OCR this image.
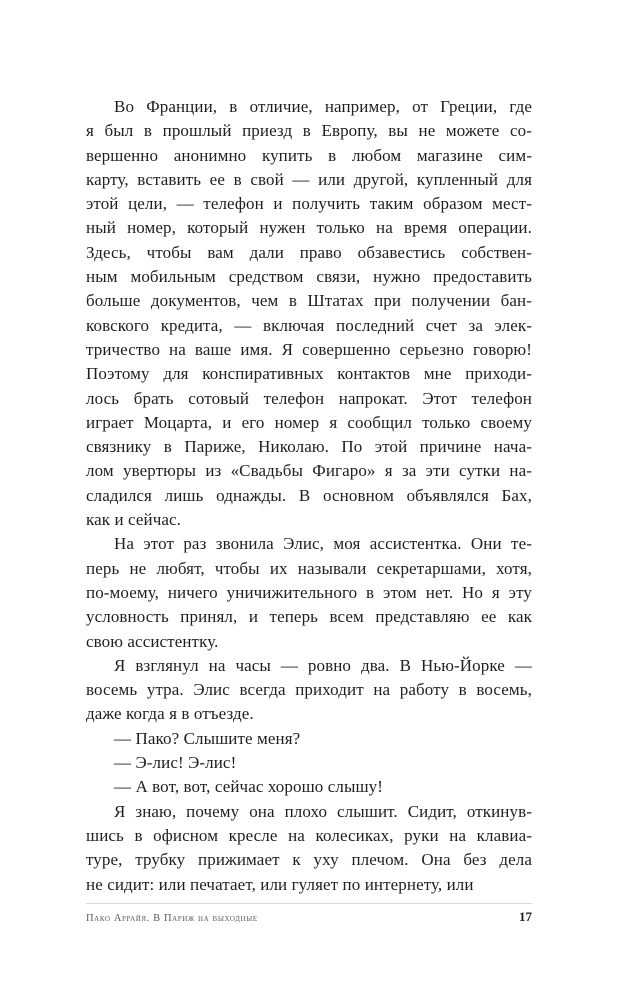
Во Франции, в отличие, например, от Греции, где
я был в прошлый приезд в Европу, вы не можете со-
вершенно анонимно купить в любом магазине сим-
карту, вставить ее в свой — или другой, купленный для
этой цели, — телефон и получить таким образом мест-
ный номер, который нужен только на время операции.
Здесь, чтобы вам дали право обзавестись собствен-
ным мобильным средством связи, нужно предоставить
больше документов, чем в Штатах при получении бан-
ковского кредита, — включая последний счет за элек-
тричество на ваше имя. Я совершенно серьезно говорю!
Поэтому для конспиративных контактов мне приходи-
лось брать сотовый телефон напрокат. Этот телефон
играет Моцарта, и его номер я сообщил только своему
связнику в Париже, Николаю. По этой причине нача-
лом увертюры из «Свадьбы Фигаро» я за эти сутки на-
сладился лишь однажды. В основном объявлялся Бах,
как и сейчас.
На этот раз звонила Элис, моя ассистентка. Они те-
перь не любят, чтобы их называли секретаршами, хотя,
по-моему, ничего уничижительного в этом нет. Но я эту
условность принял, и теперь всем представляю ее как
свою ассистентку.
Я взглянул на часы — ровно два. В Нью-Йорке —
восемь утра. Элис всегда приходит на работу в восемь,
даже когда я в отъезде.
— Пако? Слышите меня?
— Э-лис! Э-лис!
— А вот, вот, сейчас хорошо слышу!
Я знаю, почему она плохо слышит. Сидит, откинув-
шись в офисном кресле на колесиках, руки на клавиа-
туре, трубку прижимает к уху плечом. Она без дела
не сидит: или печатает, или гуляет по интернету, или
Пако Аррайя. В Париж на выходные	17
